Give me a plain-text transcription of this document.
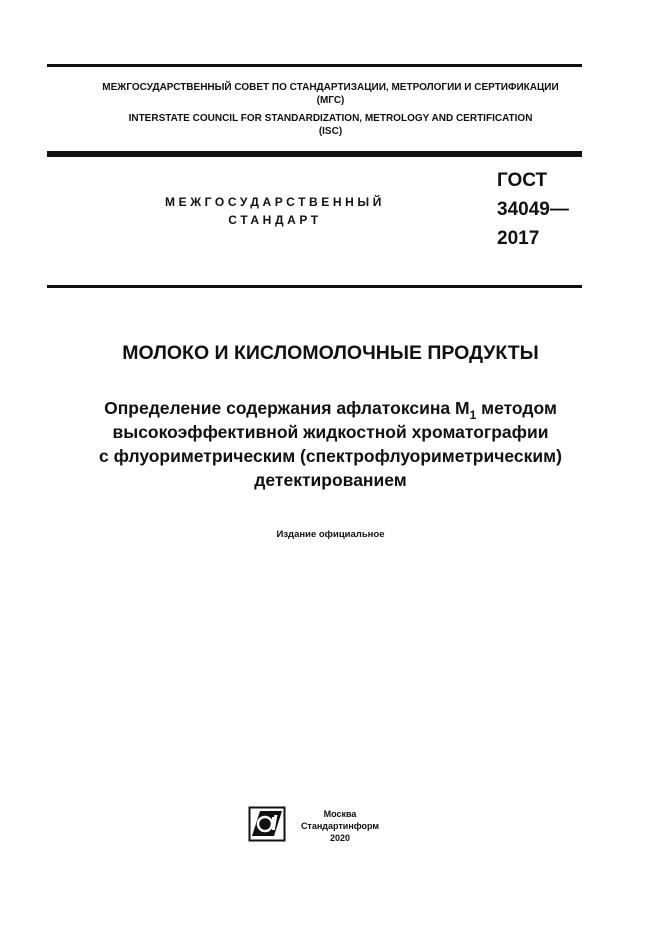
МЕЖГОСУДАРСТВЕННЫЙ СОВЕТ ПО СТАНДАРТИЗАЦИИ, МЕТРОЛОГИИ И СЕРТИФИКАЦИИ
(МГС)
INTERSTATE COUNCIL FOR STANDARDIZATION, METROLOGY AND CERTIFICATION
(ISC)
МЕЖГОСУДАРСТВЕННЫЙ
СТАНДАРТ
ГОСТ
34049—
2017
МОЛОКО И КИСЛОМОЛОЧНЫЕ ПРОДУКТЫ
Определение содержания афлатоксина $M_1$ методом
высокоэффективной жидкостной хроматографии
с флуориметрическим (спектрофлуориметрическим)
детектированием
Издание официальное
Москва
Стандартинформ
2020
